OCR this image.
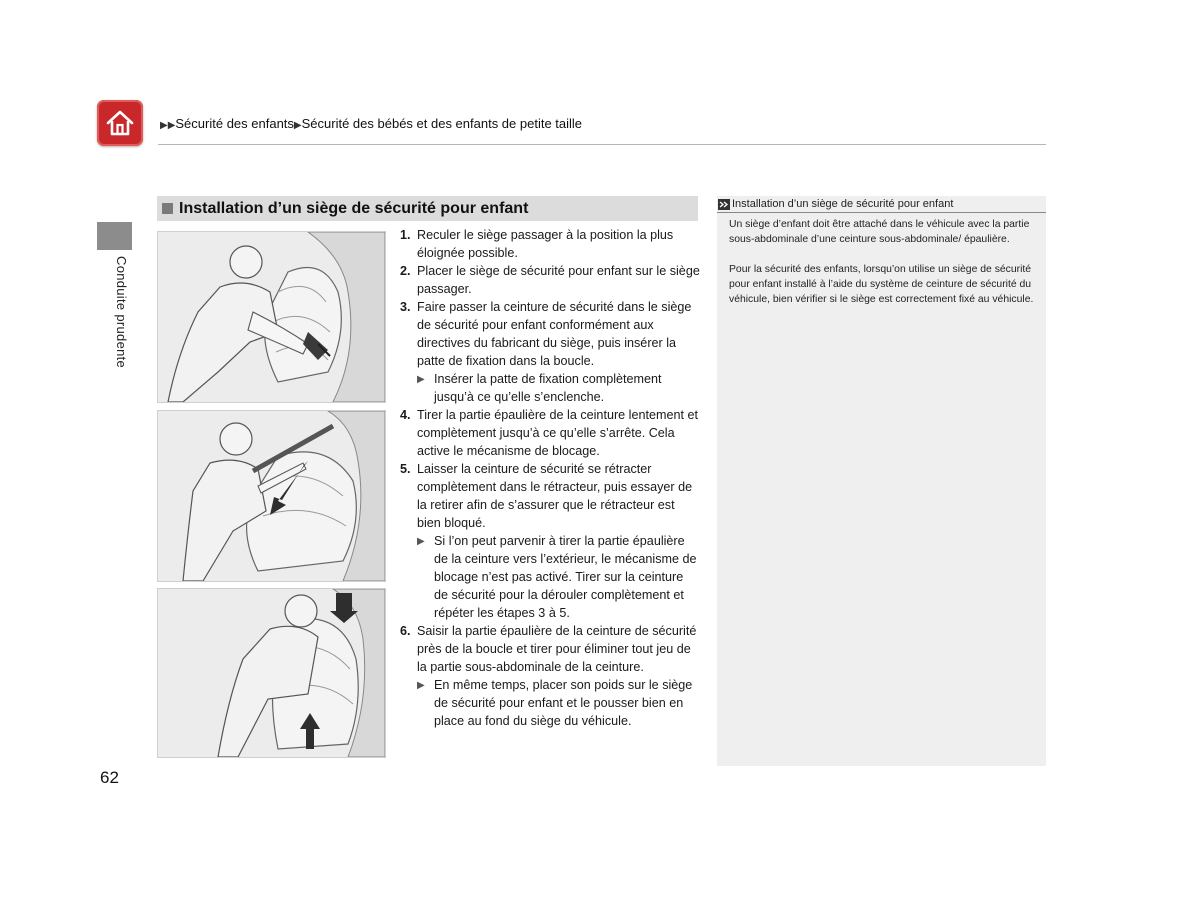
▶▶Sécurité des enfants▶Sécurité des bébés et des enfants de petite taille
Conduite prudente
Installation d’un siège de sécurité pour enfant
1. Reculer le siège passager à la position la plus éloignée possible.
2. Placer le siège de sécurité pour enfant sur le siège passager.
3. Faire passer la ceinture de sécurité dans le siège de sécurité pour enfant conformément aux directives du fabricant du siège, puis insérer la patte de fixation dans la boucle.
▶ Insérer la patte de fixation complètement jusqu’à ce qu’elle s’enclenche.
4. Tirer la partie épaulière de la ceinture lentement et complètement jusqu’à ce qu’elle s’arrête. Cela active le mécanisme de blocage.
5. Laisser la ceinture de sécurité se rétracter complètement dans le rétracteur, puis essayer de la retirer afin de s’assurer que le rétracteur est bien bloqué.
▶ Si l’on peut parvenir à tirer la partie épaulière de la ceinture vers l’extérieur, le mécanisme de blocage n’est pas activé. Tirer sur la ceinture de sécurité pour la dérouler complètement et répéter les étapes 3 à 5.
6. Saisir la partie épaulière de la ceinture de sécurité près de la boucle et tirer pour éliminer tout jeu de la partie sous-abdominale de la ceinture.
▶ En même temps, placer son poids sur le siège de sécurité pour enfant et le pousser bien en place au fond du siège du véhicule.
Installation d’un siège de sécurité pour enfant

Un siège d’enfant doit être attaché dans le véhicule avec la partie sous-abdominale d’une ceinture sous-abdominale/ épaulière.

Pour la sécurité des enfants, lorsqu’on utilise un siège de sécurité pour enfant installé à l’aide du système de ceinture de sécurité du véhicule, bien vérifier si le siège est correctement fixé au véhicule.

62
